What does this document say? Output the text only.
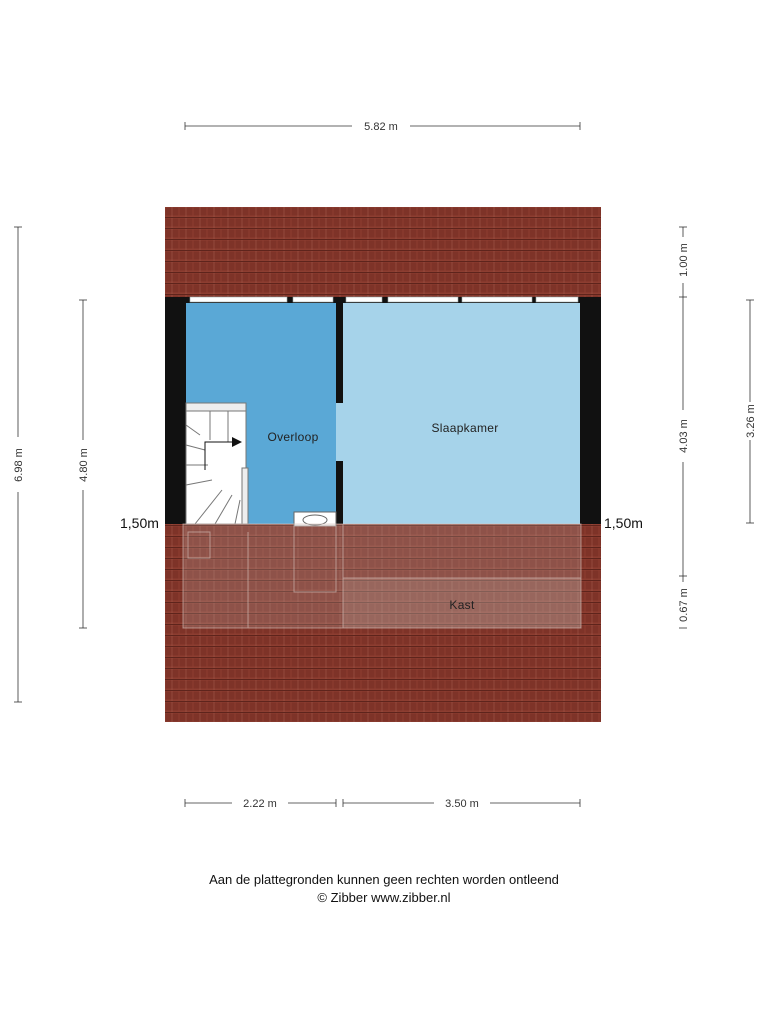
Overloop
Slaapkamer
Kast
1,50m	1,50m
5.82 m
2.22 m	3.50 m
6.98 m	4.80 m
1.00 m
4.03 m
0.67 m
3.26 m
Aan de plattegronden kunnen geen rechten worden ontleend
© Zibber www.zibber.nl
